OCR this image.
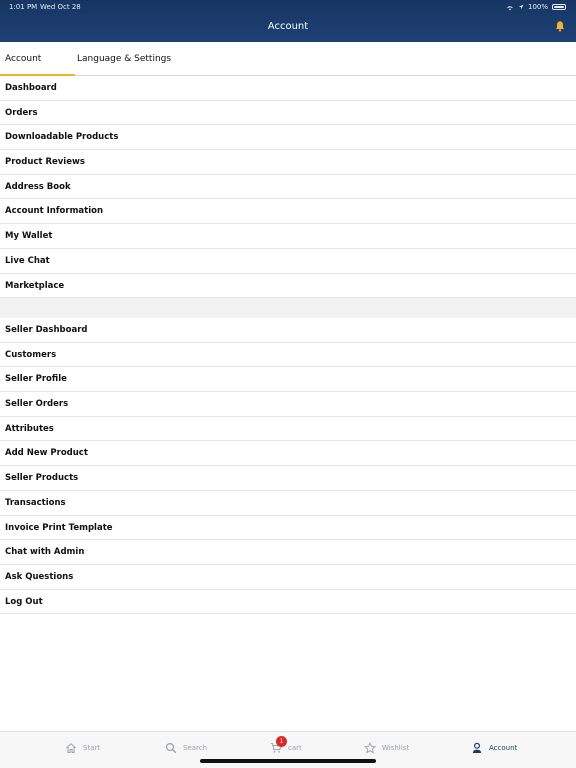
1:01 PM Wed Oct 28	100%
Account
Account	Language & Settings
Dashboard
Orders
Downloadable Products
Product Reviews
Address Book
Account Information
My Wallet
Live Chat
Marketplace
Seller Dashboard
Customers
Seller Profile
Seller Orders
Attributes
Add New Product
Seller Products
Transactions
Invoice Print Template
Chat with Admin
Ask Questions
Log Out
Start	Search
1
cart	Wishlist	Account
